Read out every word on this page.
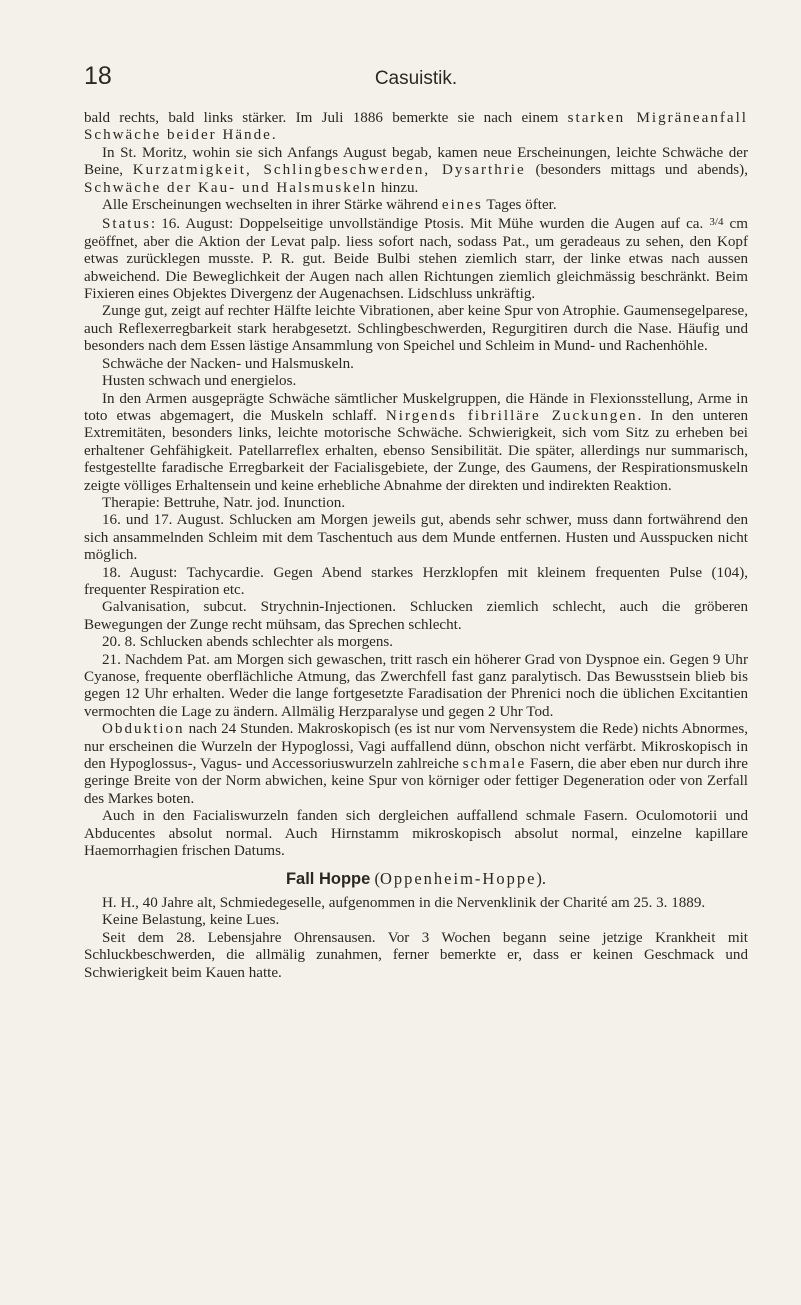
18	Casuistik.

bald rechts, bald links stärker. Im Juli 1886 bemerkte sie nach einem starken Migräneanfall Schwäche beider Hände.

In St. Moritz, wohin sie sich Anfangs August begab, kamen neue Erscheinungen, leichte Schwäche der Beine, Kurzatmigkeit, Schlingbeschwerden, Dysarthrie (besonders mittags und abends), Schwäche der Kau- und Halsmuskeln hinzu.

Alle Erscheinungen wechselten in ihrer Stärke während eines Tages öfter.

Status: 16. August: Doppelseitige unvollständige Ptosis. Mit Mühe wurden die Augen auf ca. 3/4 cm geöffnet, aber die Aktion der Levat palp. liess sofort nach, sodass Pat., um geradeaus zu sehen, den Kopf etwas zurücklegen musste. P. R. gut. Beide Bulbi stehen ziemlich starr, der linke etwas nach aussen abweichend. Die Beweglichkeit der Augen nach allen Richtungen ziemlich gleichmässig beschränkt. Beim Fixieren eines Objektes Divergenz der Augenachsen. Lidschluss unkräftig.

Zunge gut, zeigt auf rechter Hälfte leichte Vibrationen, aber keine Spur von Atrophie. Gaumensegelparese, auch Reflexerregbarkeit stark herabgesetzt. Schlingbeschwerden, Regurgitiren durch die Nase. Häufig und besonders nach dem Essen lästige Ansammlung von Speichel und Schleim in Mund- und Rachenhöhle.

Schwäche der Nacken- und Halsmuskeln.

Husten schwach und energielos.

In den Armen ausgeprägte Schwäche sämtlicher Muskelgruppen, die Hände in Flexionsstellung, Arme in toto etwas abgemagert, die Muskeln schlaff. Nirgends fibrilläre Zuckungen. In den unteren Extremitäten, besonders links, leichte motorische Schwäche. Schwierigkeit, sich vom Sitz zu erheben bei erhaltener Gehfähigkeit. Patellarreflex erhalten, ebenso Sensibilität. Die später, allerdings nur summarisch, festgestellte faradische Erregbarkeit der Facialisgebiete, der Zunge, des Gaumens, der Respirationsmuskeln zeigte völliges Erhaltensein und keine erhebliche Abnahme der direkten und indirekten Reaktion.

Therapie: Bettruhe, Natr. jod. Inunction.

16. und 17. August. Schlucken am Morgen jeweils gut, abends sehr schwer, muss dann fortwährend den sich ansammelnden Schleim mit dem Taschentuch aus dem Munde entfernen. Husten und Ausspucken nicht möglich.

18. August: Tachycardie. Gegen Abend starkes Herzklopfen mit kleinem frequenten Pulse (104), frequenter Respiration etc.

Galvanisation, subcut. Strychnin-Injectionen. Schlucken ziemlich schlecht, auch die gröberen Bewegungen der Zunge recht mühsam, das Sprechen schlecht.

20. 8. Schlucken abends schlechter als morgens.

21. Nachdem Pat. am Morgen sich gewaschen, tritt rasch ein höherer Grad von Dyspnoe ein. Gegen 9 Uhr Cyanose, frequente oberflächliche Atmung, das Zwerchfell fast ganz paralytisch. Das Bewusstsein blieb bis gegen 12 Uhr erhalten. Weder die lange fortgesetzte Faradisation der Phrenici noch die üblichen Excitantien vermochten die Lage zu ändern. Allmälig Herzparalyse und gegen 2 Uhr Tod.

Obduktion nach 24 Stunden. Makroskopisch (es ist nur vom Nervensystem die Rede) nichts Abnormes, nur erscheinen die Wurzeln der Hypoglossi, Vagi auffallend dünn, obschon nicht verfärbt. Mikroskopisch in den Hypoglossus-, Vagus- und Accessoriuswurzeln zahlreiche schmale Fasern, die aber eben nur durch ihre geringe Breite von der Norm abwichen, keine Spur von körniger oder fettiger Degeneration oder von Zerfall des Markes boten.

Auch in den Facialiswurzeln fanden sich dergleichen auffallend schmale Fasern. Oculomotorii und Abducentes absolut normal. Auch Hirnstamm mikroskopisch absolut normal, einzelne kapillare Haemorrhagien frischen Datums.

Fall Hoppe (Oppenheim-Hoppe).

H. H., 40 Jahre alt, Schmiedegeselle, aufgenommen in die Nervenklinik der Charité am 25. 3. 1889.

Keine Belastung, keine Lues.

Seit dem 28. Lebensjahre Ohrensausen. Vor 3 Wochen begann seine jetzige Krankheit mit Schluckbeschwerden, die allmälig zunahmen, ferner bemerkte er, dass er keinen Geschmack und Schwierigkeit beim Kauen hatte.
